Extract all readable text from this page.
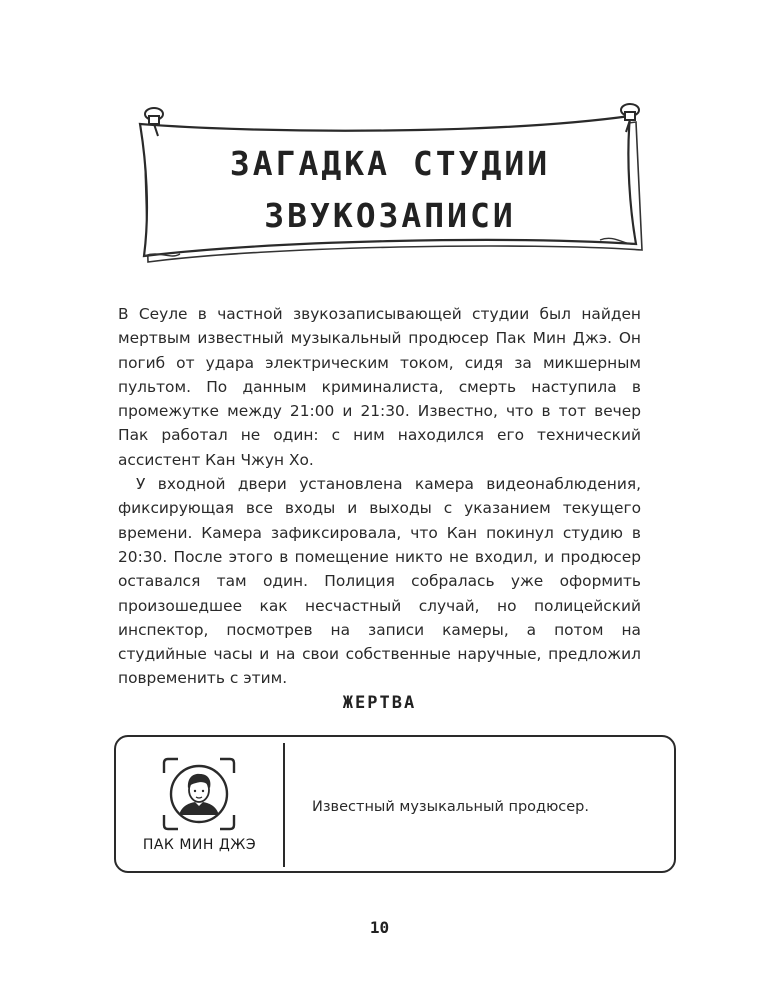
ЗАГАДКА СТУДИИ
ЗВУКОЗАПИСИ

В Сеуле в частной звукозаписывающей студии был найден мертвым известный музыкальный продюсер Пак Мин Джэ. Он погиб от удара электрическим током, сидя за микшерным пультом. По данным криминалиста, смерть наступила в промежутке между 21:00 и 21:30. Известно, что в тот вечер Пак работал не один: с ним находился его технический ассистент Кан Чжун Хо.

У входной двери установлена камера видеонаблюдения, фиксирующая все входы и выходы с указанием текущего времени. Камера зафиксировала, что Кан покинул студию в 20:30. После этого в помещение никто не входил, и продюсер оставался там один. Полиция собралась уже оформить произошедшее как несчастный случай, но полицейский инспектор, посмотрев на записи камеры, а потом на студийные часы и на свои собственные наручные, предложил повременить с этим.

ЖЕРТВА
ПАК МИН ДЖЭ
Известный музыкальный продюсер.
10
